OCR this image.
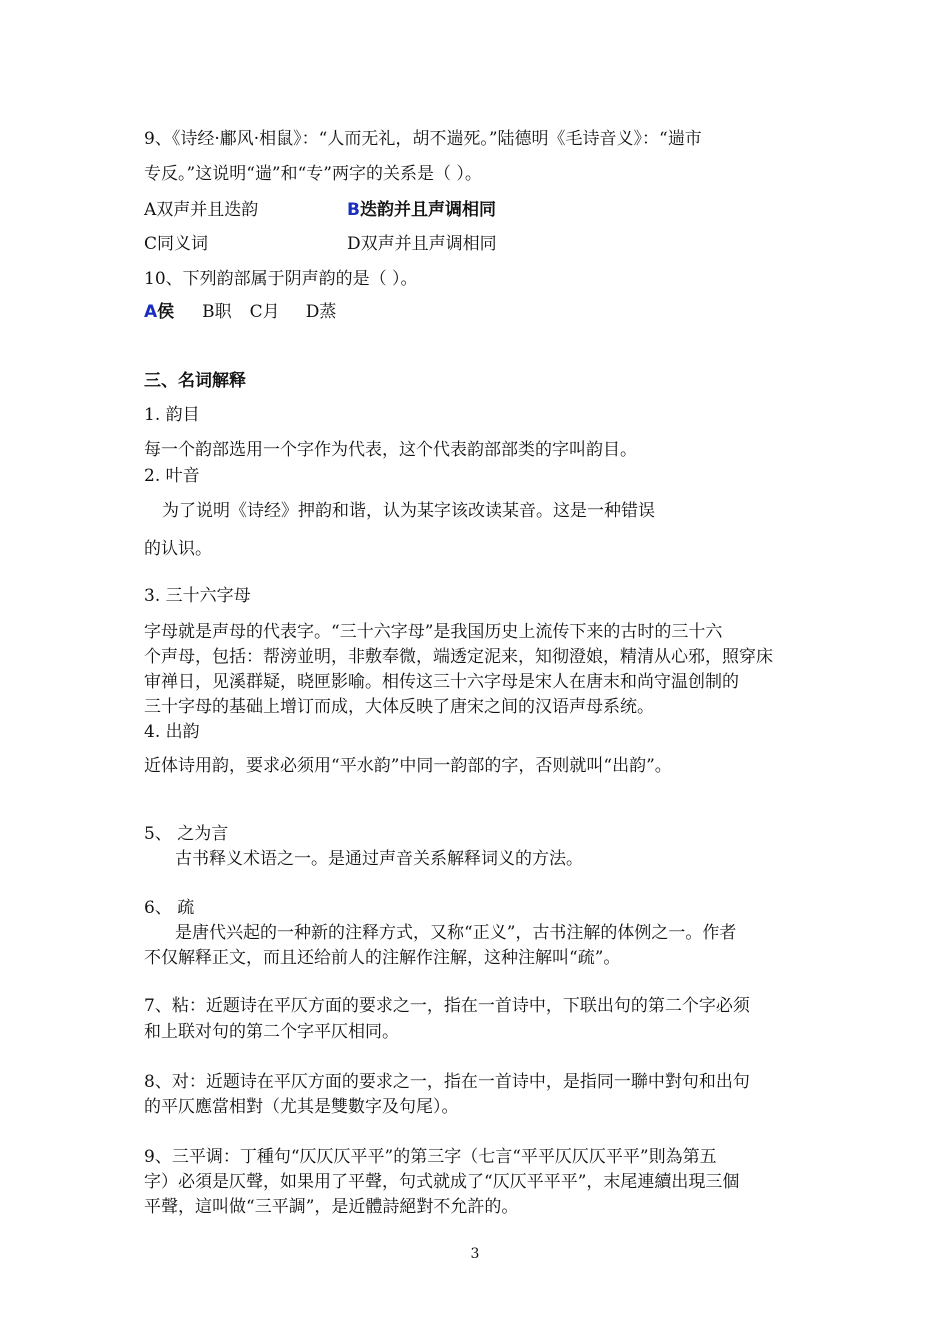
9、《诗经·鄘风·相鼠》：“人而无礼，胡不遄死。”陆德明《毛诗音义》：“遄市
专反。”这说明“遄”和“专”两字的关系是（ ）。
A双声并且迭韵	B迭韵并且声调相同
C同义词	D双声并且声调相同
10、下列韵部属于阴声韵的是（ ）。
A侯 B职 C月 D蒸
三、名词解释
1. 韵目
每一个韵部选用一个字作为代表，这个代表韵部部类的字叫韵目。
2. 叶音
为了说明《诗经》押韵和谐，认为某字该改读某音。这是一种错误
的认识。
3. 三十六字母
字母就是声母的代表字。“三十六字母”是我国历史上流传下来的古时的三十六
个声母，包括：帮滂並明，非敷奉微，端透定泥来，知彻澄娘，精清从心邪，照穿床
审禅日，见溪群疑，晓匣影喻。相传这三十六字母是宋人在唐末和尚守温创制的
三十字母的基础上增订而成，大体反映了唐宋之间的汉语声母系统。
4. 出韵
近体诗用韵，要求必须用“平水韵”中同一韵部的字，否则就叫“出韵”。
5、 之为言
古书释义术语之一。是通过声音关系解释词义的方法。
6、 疏
是唐代兴起的一种新的注释方式，又称“正义”，古书注解的体例之一。作者
不仅解释正文，而且还给前人的注解作注解，这种注解叫“疏”。
7、粘：近题诗在平仄方面的要求之一，指在一首诗中，下联出句的第二个字必须
和上联对句的第二个字平仄相同。
8、对：近题诗在平仄方面的要求之一，指在一首诗中，是指同一聯中對句和出句
的平仄應當相對（尤其是雙數字及句尾）。
9、三平调：丁種句“仄仄仄平平”的第三字（七言“平平仄仄仄平平”則為第五
字）必須是仄聲，如果用了平聲，句式就成了“仄仄平平平”，末尾連續出現三個
平聲，這叫做“三平調”，是近體詩絕對不允許的。
3
